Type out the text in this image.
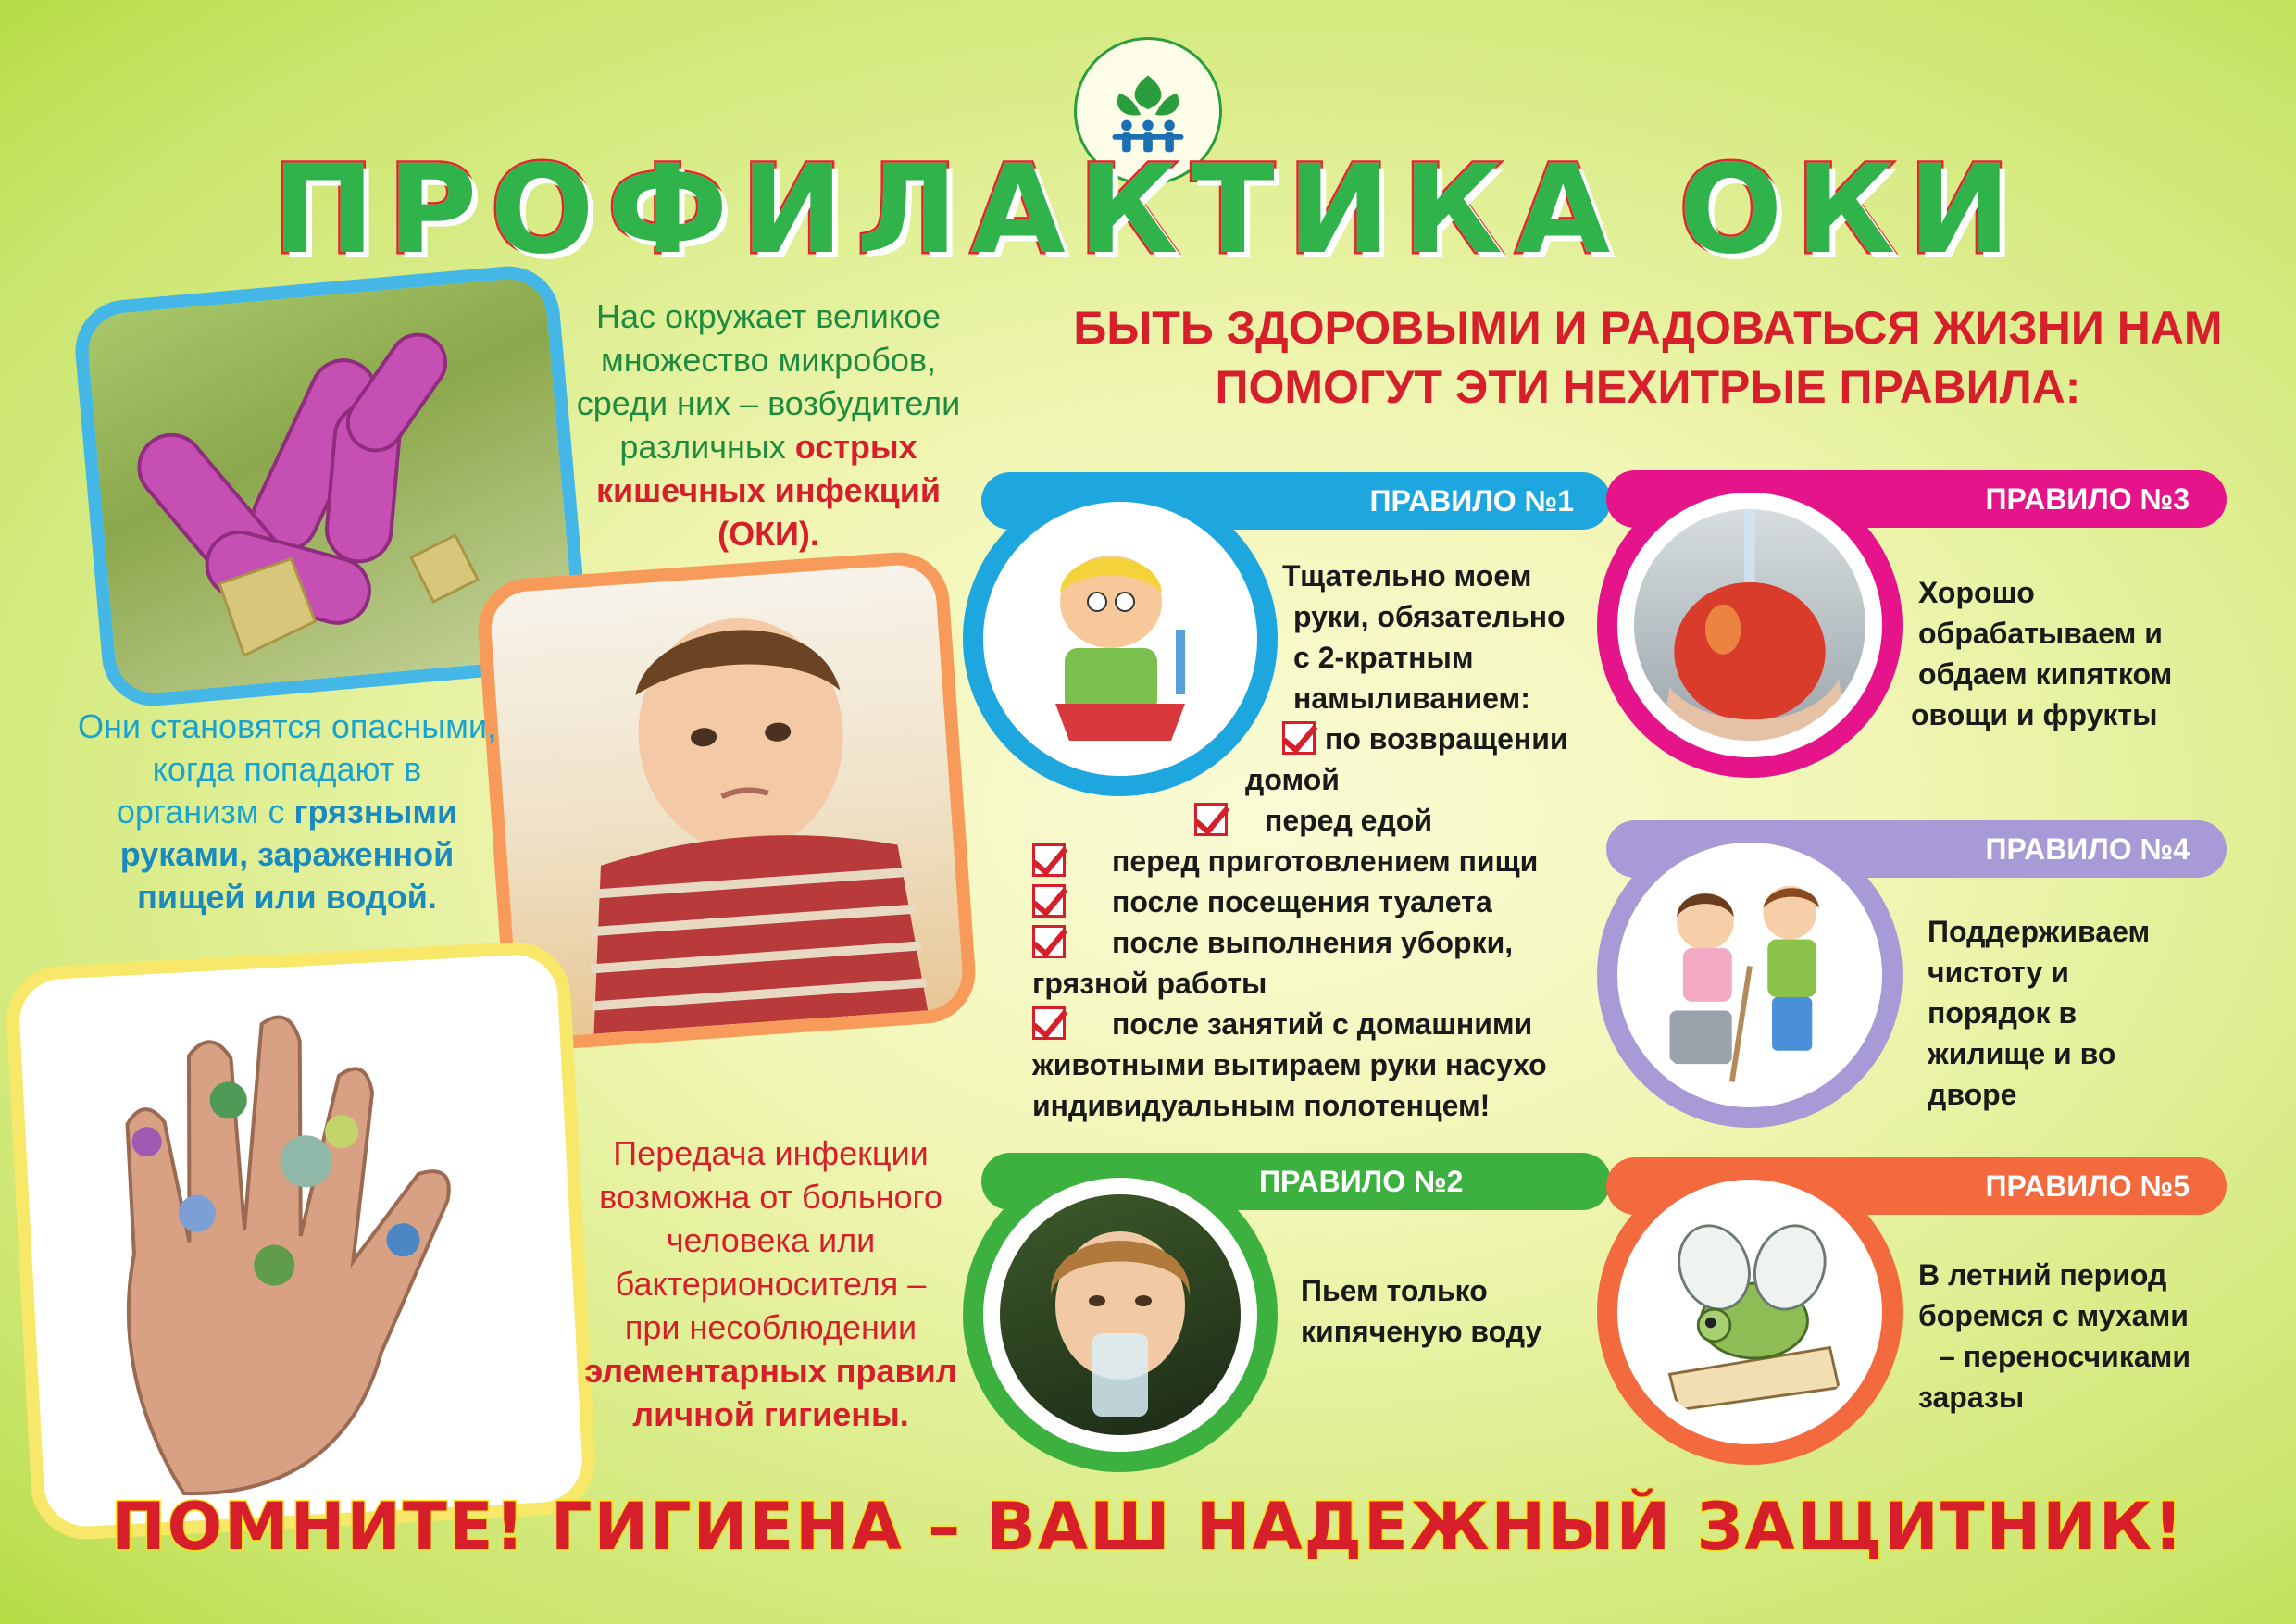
ПРОФИЛАКТИКА ОКИ
БЫТЬ ЗДОРОВЫМИ И РАДОВАТЬСЯ ЖИЗНИ НАМ
ПОМОГУТ ЭТИ НЕХИТРЫЕ ПРАВИЛА:
Нас окружает великое
множество микробов,
среди них – возбудители
различных острых
кишечных инфекций
(ОКИ).
Они становятся опасными,
когда попадают в
организм с грязными
руками, зараженной
пищей или водой.
Передача инфекции
возможна от больного
человека или
бактерионосителя –
при несоблюдении
элементарных правил
личной гигиены.
ПРАВИЛО №1
Тщательно моем
руки, обязательно
с 2-кратным
намыливанием:
по возвращении
домой
перед едой
перед приготовлением пищи
после посещения туалета
после выполнения уборки,
грязной работы
после занятий с домашними
животными вытираем руки насухо
индивидуальным полотенцем!
ПРАВИЛО №2
Пьем только
кипяченую воду
ПРАВИЛО №3
Хорошо
обрабатываем и
обдаем кипятком
овощи и фрукты
ПРАВИЛО №4
Поддерживаем
чистоту и
порядок в
жилище и во
дворе
ПРАВИЛО №5
В летний период
боремся с мухами
– переносчиками
заразы
ПОМНИТЕ! ГИГИЕНА – ВАШ НАДЕЖНЫЙ ЗАЩИТНИК!
